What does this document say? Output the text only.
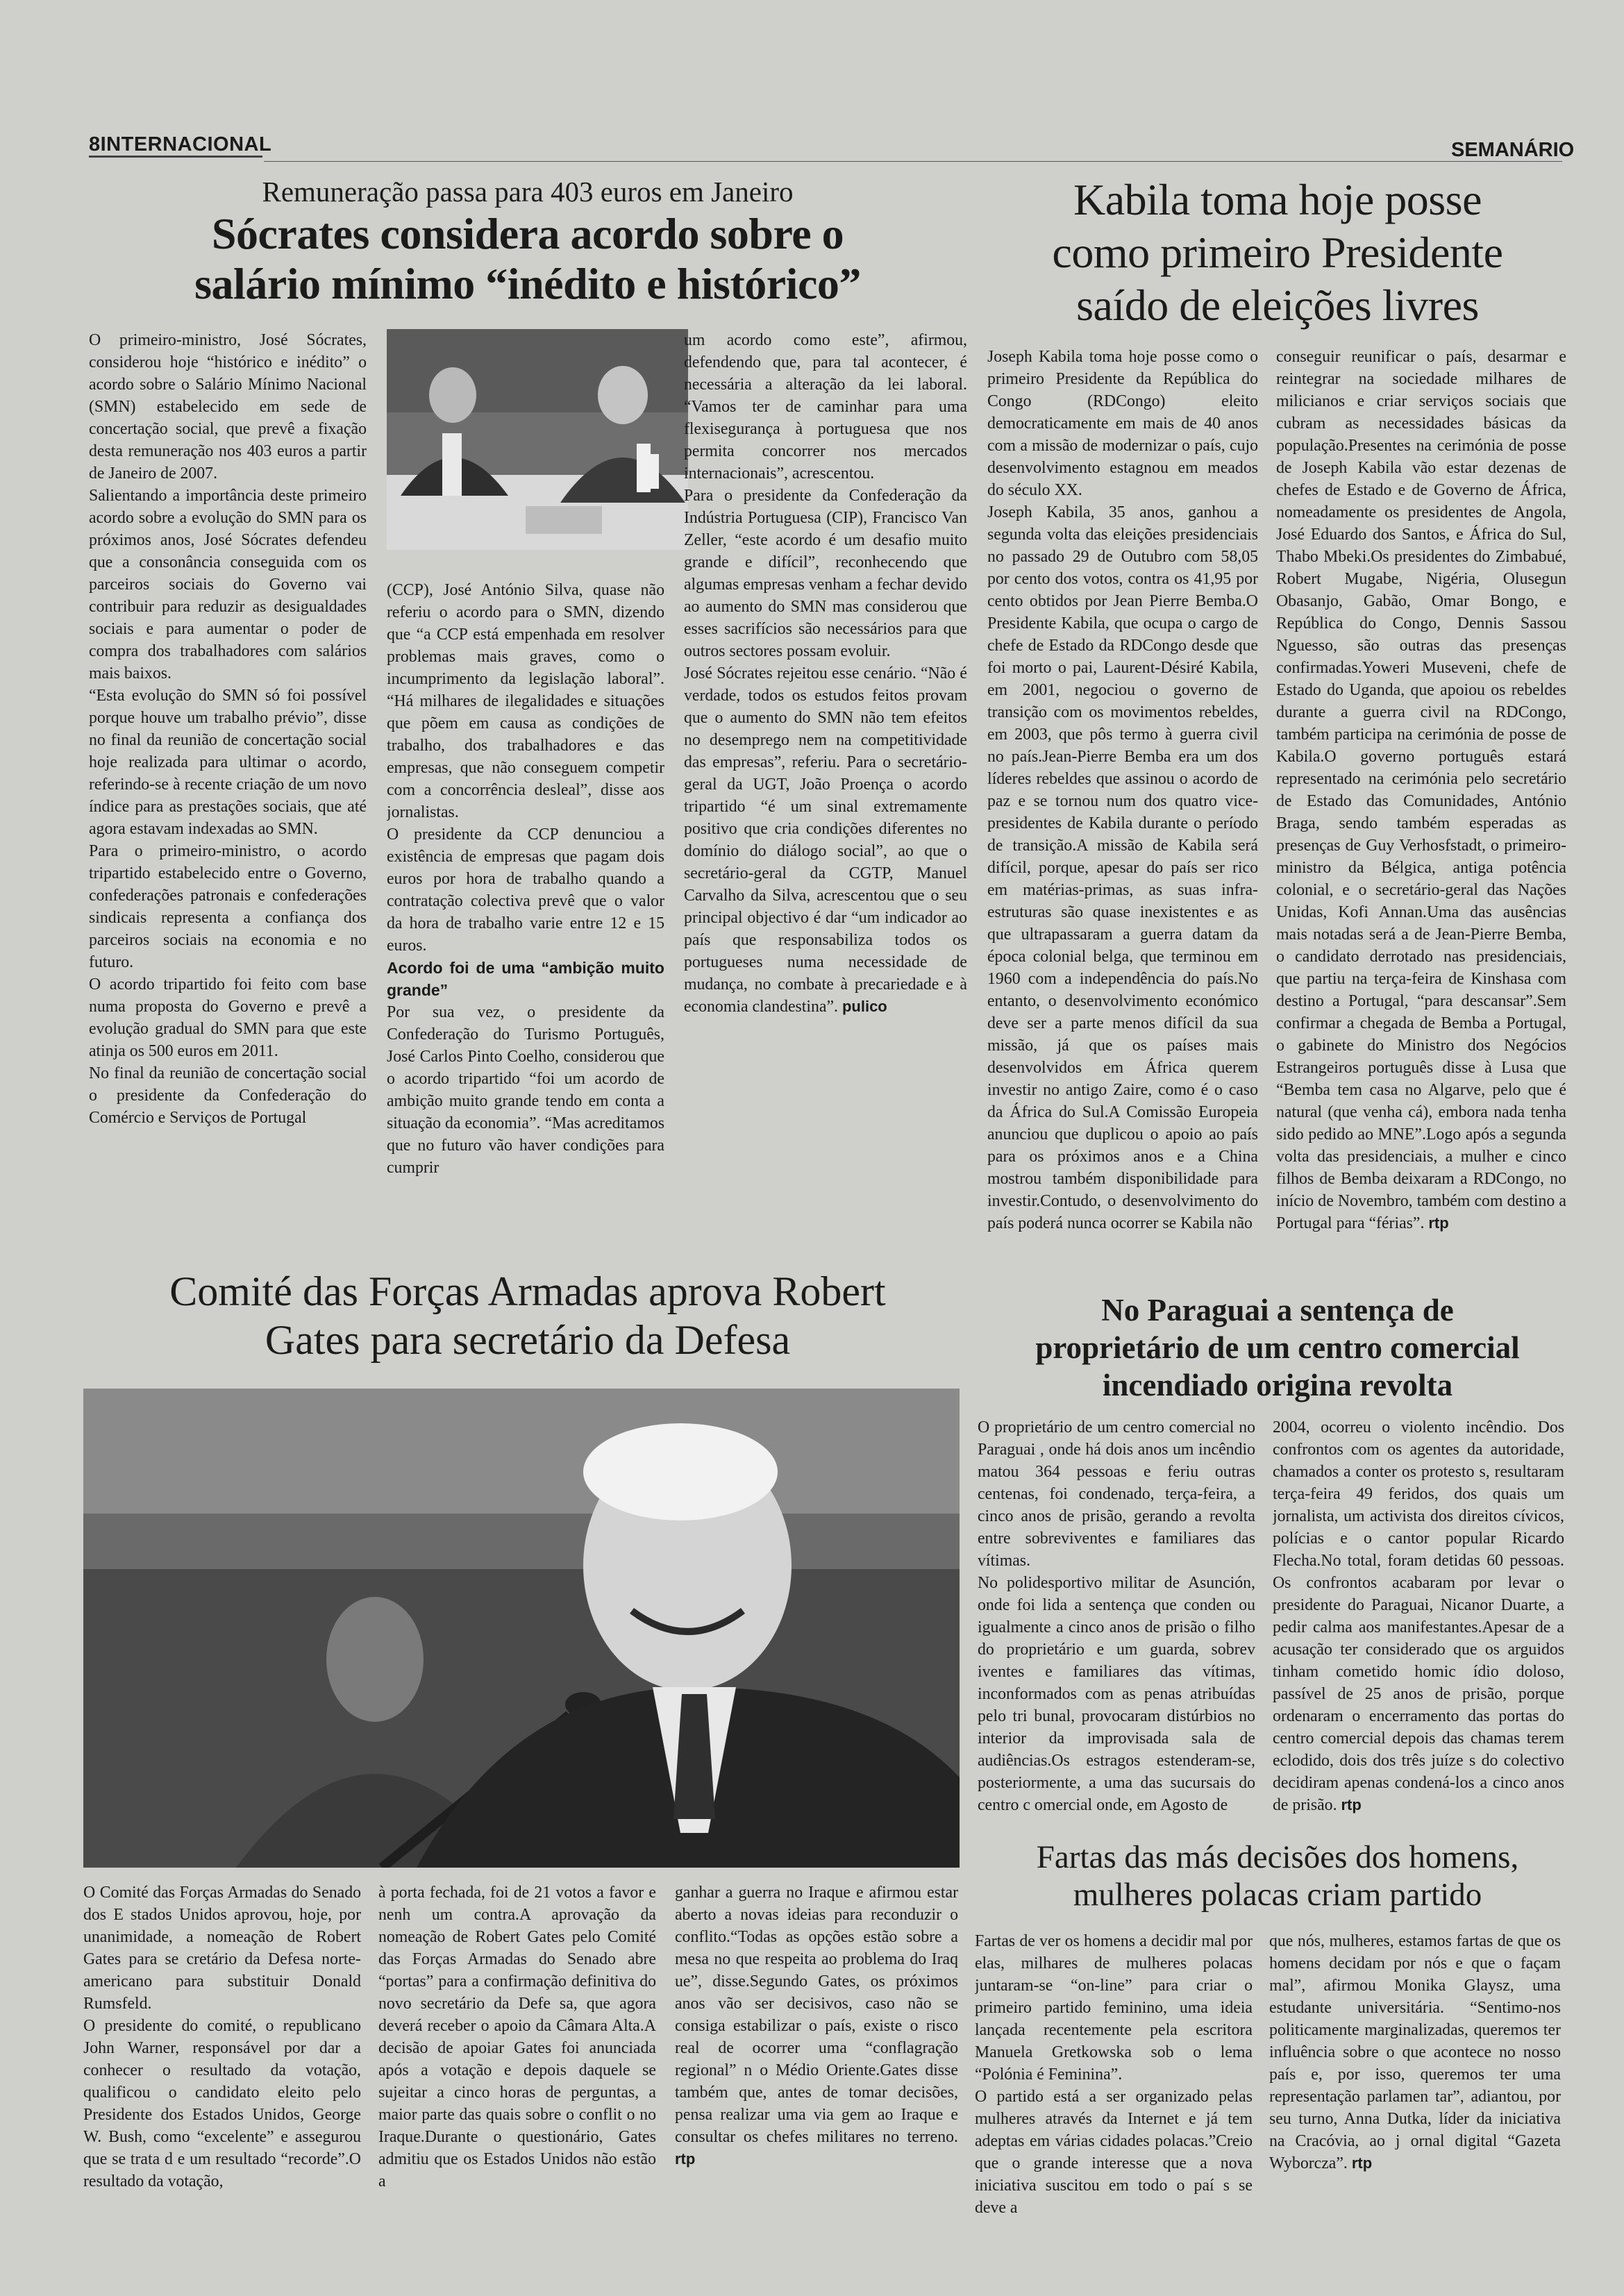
8INTERNACIONAL	SEMANÁRIO
Remuneração passa para 403 euros em Janeiro
Sócrates considera acordo sobre o
salário mínimo “inédito e histórico”

O primeiro-ministro, José Sócrates, considerou hoje “histórico e inédito” o acordo sobre o Salário Mínimo Nacional (SMN) estabelecido em sede de concertação social, que prevê a fixação desta remuneração nos 403 euros a partir de Janeiro de 2007.

Salientando a importância deste primeiro acordo sobre a evolução do SMN para os próximos anos, José Sócrates defendeu que a consonância conseguida com os parceiros sociais do Governo vai contribuir para reduzir as desigualdades sociais e para aumentar o poder de compra dos trabalhadores com salários mais baixos.

“Esta evolução do SMN só foi possível porque houve um trabalho prévio”, disse no final da reunião de concertação social hoje realizada para ultimar o acordo, referindo-se à recente criação de um novo índice para as prestações sociais, que até agora estavam indexadas ao SMN.

Para o primeiro-ministro, o acordo tripartido estabelecido entre o Governo, confederações patronais e confederações sindicais representa a confiança dos parceiros sociais na economia e no futuro.

O acordo tripartido foi feito com base numa proposta do Governo e prevê a evolução gradual do SMN para que este atinja os 500 euros em 2011.

No final da reunião de concertação social o presidente da Confederação do Comércio e Serviços de Portugal

(CCP), José António Silva, quase não referiu o acordo para o SMN, dizendo que “a CCP está empenhada em resolver problemas mais graves, como o incumprimento da legislação laboral”. “Há milhares de ilegalidades e situações que põem em causa as condições de trabalho, dos trabalhadores e das empresas, que não conseguem competir com a concorrência desleal”, disse aos jornalistas.

O presidente da CCP denunciou a existência de empresas que pagam dois euros por hora de trabalho quando a contratação colectiva prevê que o valor da hora de trabalho varie entre 12 e 15 euros.

Acordo foi de uma “ambição muito grande”

Por sua vez, o presidente da Confederação do Turismo Português, José Carlos Pinto Coelho, considerou que o acordo tripartido “foi um acordo de ambição muito grande tendo em conta a situação da economia”. “Mas acreditamos que no futuro vão haver condições para cumprir

um acordo como este”, afirmou, defendendo que, para tal acontecer, é necessária a alteração da lei laboral. “Vamos ter de caminhar para uma flexisegurança à portuguesa que nos permita concorrer nos mercados internacionais”, acrescentou.

Para o presidente da Confederação da Indústria Portuguesa (CIP), Francisco Van Zeller, “este acordo é um desafio muito grande e difícil”, reconhecendo que algumas empresas venham a fechar devido ao aumento do SMN mas considerou que esses sacrifícios são necessários para que outros sectores possam evoluir.

José Sócrates rejeitou esse cenário. “Não é verdade, todos os estudos feitos provam que o aumento do SMN não tem efeitos no desemprego nem na competitividade das empresas”, referiu. Para o secretário-geral da UGT, João Proença o acordo tripartido “é um sinal extremamente positivo que cria condições diferentes no domínio do diálogo social”, ao que o secretário-geral da CGTP, Manuel Carvalho da Silva, acrescentou que o seu principal objectivo é dar “um indicador ao país que responsabiliza todos os portugueses numa necessidade de mudança, no combate à precariedade e à economia clandestina”. pulico

Kabila toma hoje posse
como primeiro Presidente
saído de eleições livres

Joseph Kabila toma hoje posse como o primeiro Presidente da República do Congo (RDCongo) eleito democraticamente em mais de 40 anos com a missão de modernizar o país, cujo desenvolvimento estagnou em meados do século XX.

Joseph Kabila, 35 anos, ganhou a segunda volta das eleições presidenciais no passado 29 de Outubro com 58,05 por cento dos votos, contra os 41,95 por cento obtidos por Jean Pierre Bemba.O Presidente Kabila, que ocupa o cargo de chefe de Estado da RDCongo desde que foi morto o pai, Laurent-Désiré Kabila, em 2001, negociou o governo de transição com os movimentos rebeldes, em 2003, que pôs termo à guerra civil no país.Jean-Pierre Bemba era um dos líderes rebeldes que assinou o acordo de paz e se tornou num dos quatro vice-presidentes de Kabila durante o período de transição.A missão de Kabila será difícil, porque, apesar do país ser rico em matérias-primas, as suas infra-estruturas são quase inexistentes e as que ultrapassaram a guerra datam da época colonial belga, que terminou em 1960 com a independência do país.No entanto, o desenvolvimento económico deve ser a parte menos difícil da sua missão, já que os países mais desenvolvidos em África querem investir no antigo Zaire, como é o caso da África do Sul.A Comissão Europeia anunciou que duplicou o apoio ao país para os próximos anos e a China mostrou também disponibilidade para investir.Contudo, o desenvolvimento do país poderá nunca ocorrer se Kabila não

conseguir reunificar o país, desarmar e reintegrar na sociedade milhares de milicianos e criar serviços sociais que cubram as necessidades básicas da população.Presentes na cerimónia de posse de Joseph Kabila vão estar dezenas de chefes de Estado e de Governo de África, nomeadamente os presidentes de Angola, José Eduardo dos Santos, e África do Sul, Thabo Mbeki.Os presidentes do Zimbabué, Robert Mugabe, Nigéria, Olusegun Obasanjo, Gabão, Omar Bongo, e República do Congo, Dennis Sassou Nguesso, são outras das presenças confirmadas.Yoweri Museveni, chefe de Estado do Uganda, que apoiou os rebeldes durante a guerra civil na RDCongo, também participa na cerimónia de posse de Kabila.O governo português estará representado na cerimónia pelo secretário de Estado das Comunidades, António Braga, sendo também esperadas as presenças de Guy Verhosfstadt, o primeiro-ministro da Bélgica, antiga potência colonial, e o secretário-geral das Nações Unidas, Kofi Annan.Uma das ausências mais notadas será a de Jean-Pierre Bemba, o candidato derrotado nas presidenciais, que partiu na terça-feira de Kinshasa com destino a Portugal, “para descansar”.Sem confirmar a chegada de Bemba a Portugal, o gabinete do Ministro dos Negócios Estrangeiros português disse à Lusa que “Bemba tem casa no Algarve, pelo que é natural (que venha cá), embora nada tenha sido pedido ao MNE”.Logo após a segunda volta das presidenciais, a mulher e cinco filhos de Bemba deixaram a RDCongo, no início de Novembro, também com destino a Portugal para “férias”. rtp

Comité das Forças Armadas aprova Robert
Gates para secretário da Defesa

O Comité das Forças Armadas do Senado dos E stados Unidos aprovou, hoje, por unanimidade, a nomeação de Robert Gates para se cretário da Defesa norte-americano para substituir Donald Rumsfeld.

O presidente do comité, o republicano John Warner, responsável por dar a conhecer o resultado da votação, qualificou o candidato eleito pelo Presidente dos Estados Unidos, George W. Bush, como “excelente” e assegurou que se trata d e um resultado “recorde”.O resultado da votação,

à porta fechada, foi de 21 votos a favor e nenh um contra.A aprovação da nomeação de Robert Gates pelo Comité das Forças Armadas do Senado abre “portas” para a confirmação definitiva do novo secretário da Defe sa, que agora deverá receber o apoio da Câmara Alta.A decisão de apoiar Gates foi anunciada após a votação e depois daquele se sujeitar a cinco horas de perguntas, a maior parte das quais sobre o conflit o no Iraque.Durante o questionário, Gates admitiu que os Estados Unidos não estão a

ganhar a guerra no Iraque e afirmou estar aberto a novas ideias para reconduzir o conflito.“Todas as opções estão sobre a mesa no que respeita ao problema do Iraq ue”, disse.Segundo Gates, os próximos anos vão ser decisivos, caso não se consiga estabilizar o país, existe o risco real de ocorrer uma “conflagração regional” n o Médio Oriente.Gates disse também que, antes de tomar decisões, pensa realizar uma via gem ao Iraque e consultar os chefes militares no terreno. rtp

No Paraguai a sentença de
proprietário de um centro comercial
incendiado origina revolta

O proprietário de um centro comercial no Paraguai , onde há dois anos um incêndio matou 364 pessoas e feriu outras centenas, foi condenado, terça-feira, a cinco anos de prisão, gerando a revolta entre sobreviventes e familiares das vítimas.

No polidesportivo militar de Asunción, onde foi lida a sentença que conden ou igualmente a cinco anos de prisão o filho do proprietário e um guarda, sobrev iventes e familiares das vítimas, inconformados com as penas atribuídas pelo tri bunal, provocaram distúrbios no interior da improvisada sala de audiências.Os estragos estenderam-se, posteriormente, a uma das sucursais do centro c omercial onde, em Agosto de

2004, ocorreu o violento incêndio. Dos confrontos com os agentes da autoridade, chamados a conter os protesto s, resultaram terça-feira 49 feridos, dos quais um jornalista, um activista dos direitos cívicos, polícias e o cantor popular Ricardo Flecha.No total, foram detidas 60 pessoas. Os confrontos acabaram por levar o presidente do Paraguai, Nicanor Duarte, a pedir calma aos manifestantes.Apesar de a acusação ter considerado que os arguidos tinham cometido homic ídio doloso, passível de 25 anos de prisão, porque ordenaram o encerramento das portas do centro comercial depois das chamas terem eclodido, dois dos três juíze s do colectivo decidiram apenas condená-los a cinco anos de prisão. rtp

Fartas das más decisões dos homens,
mulheres polacas criam partido

Fartas de ver os homens a decidir mal por elas, milhares de mulheres polacas juntaram-se “on-line” para criar o primeiro partido feminino, uma ideia lançada recentemente pela escritora Manuela Gretkowska sob o lema “Polónia é Feminina”.

O partido está a ser organizado pelas mulheres através da Internet e já tem adeptas em várias cidades polacas.”Creio que o grande interesse que a nova iniciativa suscitou em todo o paí s se deve a

que nós, mulheres, estamos fartas de que os homens decidam por nós e que o façam mal”, afirmou Monika Glaysz, uma estudante universitária. “Sentimo-nos politicamente marginalizadas, queremos ter influência sobre o que acontece no nosso país e, por isso, queremos ter uma representação parlamen tar”, adiantou, por seu turno, Anna Dutka, líder da iniciativa na Cracóvia, ao j ornal digital “Gazeta Wyborcza”. rtp
